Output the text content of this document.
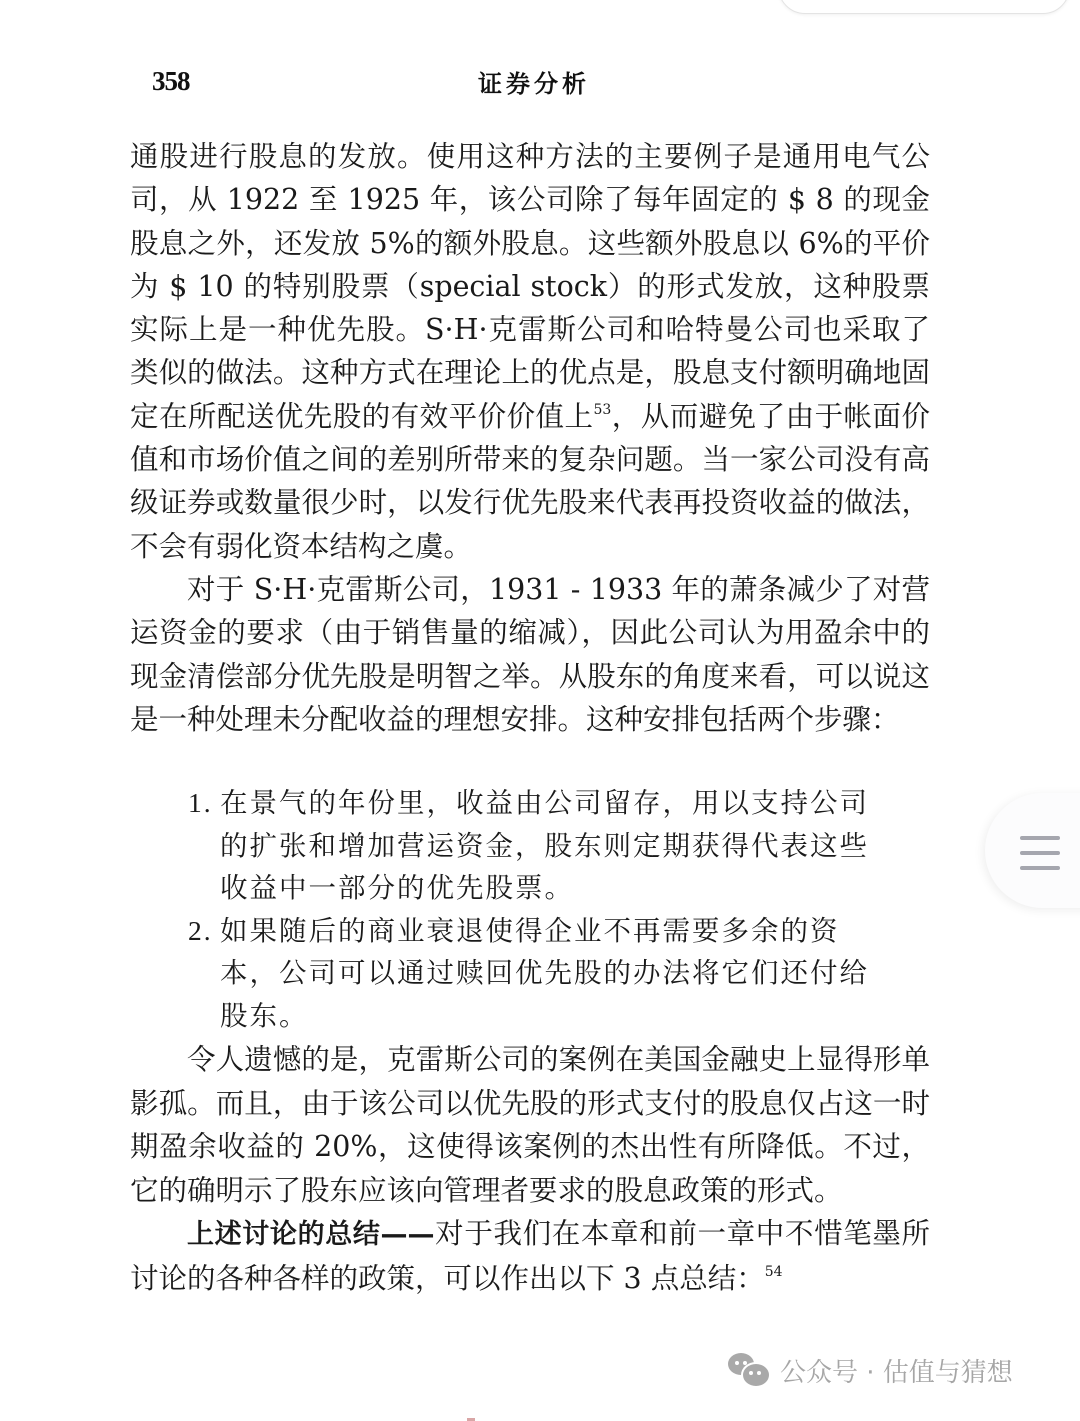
358	证券分析

通股进行股息的发放。使用这种方法的主要例子是通用电气公司，从 1922 至 1925 年，该公司除了每年固定的 $ 8 的现金股息之外，还发放 5%的额外股息。这些额外股息以 6%的平价为 $ 10 的特别股票（special stock）的形式发放，这种股票实际上是一种优先股。S·H·克雷斯公司和哈特曼公司也采取了类似的做法。这种方式在理论上的优点是，股息支付额明确地固定在所配送优先股的有效平价价值上$^{53}$，从而避免了由于帐面价值和市场价值之间的差别所带来的复杂问题。当一家公司没有高级证券或数量很少时，以发行优先股来代表再投资收益的做法，不会有弱化资本结构之虞。

对于 S·H·克雷斯公司，1931 - 1933 年的萧条减少了对营运资金的要求（由于销售量的缩减），因此公司认为用盈余中的现金清偿部分优先股是明智之举。从股东的角度来看，可以说这是一种处理未分配收益的理想安排。这种安排包括两个步骤：

1. 在景气的年份里，收益由公司留存，用以支持公司的扩张和增加营运资金，股东则定期获得代表这些收益中一部分的优先股票。
2. 如果随后的商业衰退使得企业不再需要多余的资本，公司可以通过赎回优先股的办法将它们还付给股东。

令人遗憾的是，克雷斯公司的案例在美国金融史上显得形单影孤。而且，由于该公司以优先股的形式支付的股息仅占这一时期盈余收益的 20%，这使得该案例的杰出性有所降低。不过，它的确明示了股东应该向管理者要求的股息政策的形式。

上述讨论的总结——对于我们在本章和前一章中不惜笔墨所讨论的各种各样的政策，可以作出以下 3 点总结：$^{54}$

公众号 · 估值与猜想
